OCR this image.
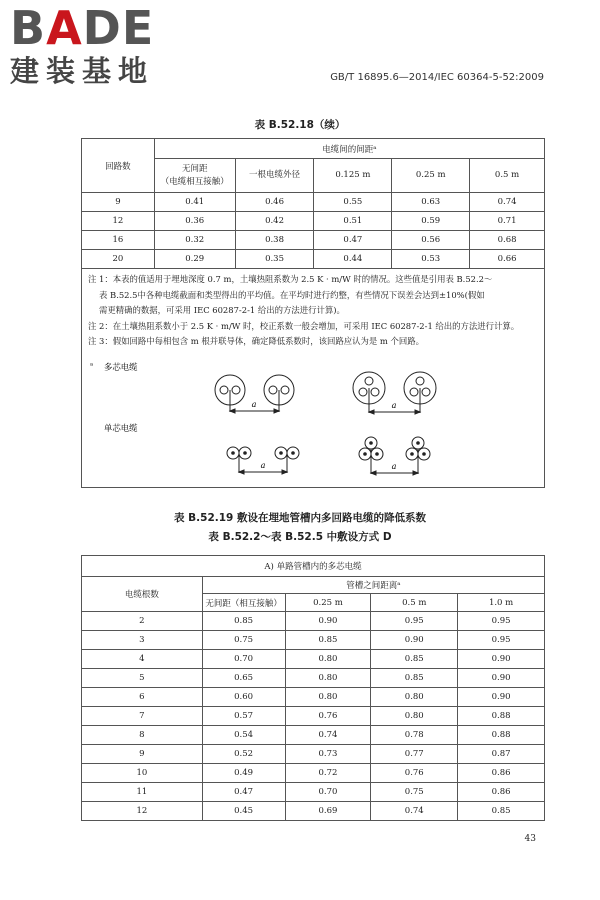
BADE
建装基地	GB/T 16895.6—2014/IEC 60364-5-52:2009
表 B.52.18（续）
回路数	电缆间的间距ᵃ				
	无间距
（电缆相互接触）	一根电缆外径	0.125 m	0.25 m	0.5 m
9	0.41	0.46	0.55	0.63	0.74
12	0.36	0.42	0.51	0.59	0.71
16	0.32	0.38	0.47	0.56	0.68
20	0.29	0.35	0.44	0.53	0.66

注 1：本表的值适用于埋地深度 0.7 m，土壤热阻系数为 2.5 K · m/W 时的情况。这些值是引用表 B.52.2～

表 B.52.5中各种电缆截面和类型得出的平均值。在平均时进行约整，有些情况下误差会达到±10%(假如

需更精确的数据，可采用 IEC 60287-2-1 给出的方法进行计算)。

注 2：在土壤热阻系数小于 2.5 K · m/W 时，校正系数一般会增加，可采用 IEC 60287-2-1 给出的方法进行计算。

注 3：假如回路中每相包含 m 根并联导体，确定降低系数时，该回路应认为是 m 个回路。

ᵃ 多芯电缆
单芯电缆
a	a
a	a
表 B.52.19 敷设在埋地管槽内多回路电缆的降低系数
表 B.52.2～表 B.52.5 中敷设方式 D
A) 单路管槽内的多芯电缆				
电缆根数	管槽之间距离ᵃ			
	无间距（相互接触）	0.25 m	0.5 m	1.0 m
2	0.85	0.90	0.95	0.95
3	0.75	0.85	0.90	0.95
4	0.70	0.80	0.85	0.90
5	0.65	0.80	0.85	0.90
6	0.60	0.80	0.80	0.90
7	0.57	0.76	0.80	0.88
8	0.54	0.74	0.78	0.88
9	0.52	0.73	0.77	0.87
10	0.49	0.72	0.76	0.86
11	0.47	0.70	0.75	0.86
12	0.45	0.69	0.74	0.85
43
